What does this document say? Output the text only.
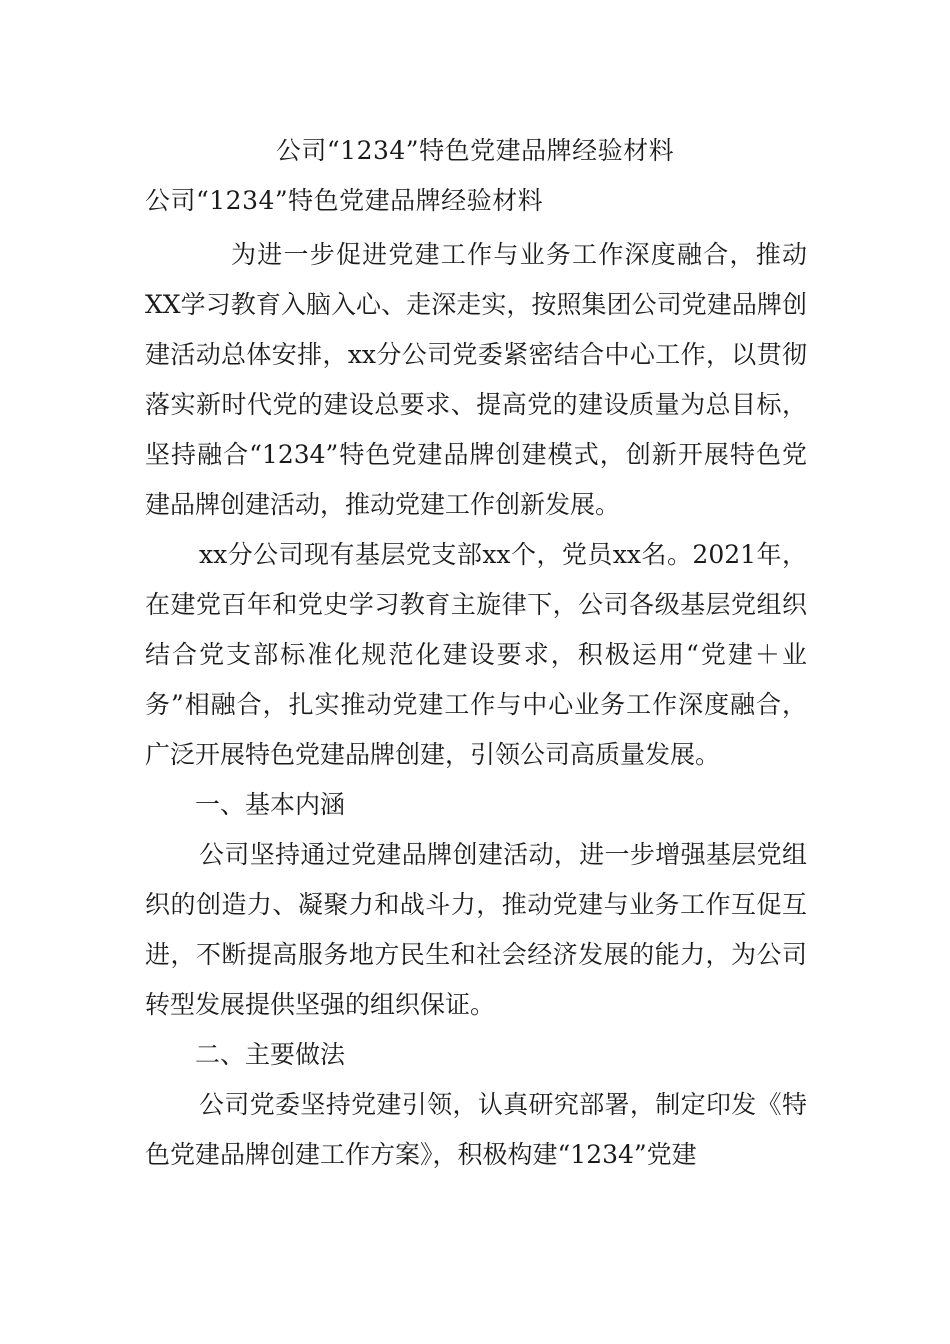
公司“1234”特色党建品牌经验材料
公司“1234”特色党建品牌经验材料

为进一步促进党建工作与业务工作深度融合，推动XX学习教育入脑入心、走深走实，按照集团公司党建品牌创建活动总体安排，xx分公司党委紧密结合中心工作，以贯彻落实新时代党的建设总要求、提高党的建设质量为总目标，坚持融合“1234”特色党建品牌创建模式，创新开展特色党建品牌创建活动，推动党建工作创新发展。

xx分公司现有基层党支部xx个，党员xx名。2021年，在建党百年和党史学习教育主旋律下，公司各级基层党组织结合党支部标准化规范化建设要求，积极运用“党建＋业务”相融合，扎实推动党建工作与中心业务工作深度融合，广泛开展特色党建品牌创建，引领公司高质量发展。

一、基本内涵

公司坚持通过党建品牌创建活动，进一步增强基层党组织的创造力、凝聚力和战斗力，推动党建与业务工作互促互进，不断提高服务地方民生和社会经济发展的能力，为公司转型发展提供坚强的组织保证。

二、主要做法

公司党委坚持党建引领，认真研究部署，制定印发《特色党建品牌创建工作方案》，积极构建“1234”党建
